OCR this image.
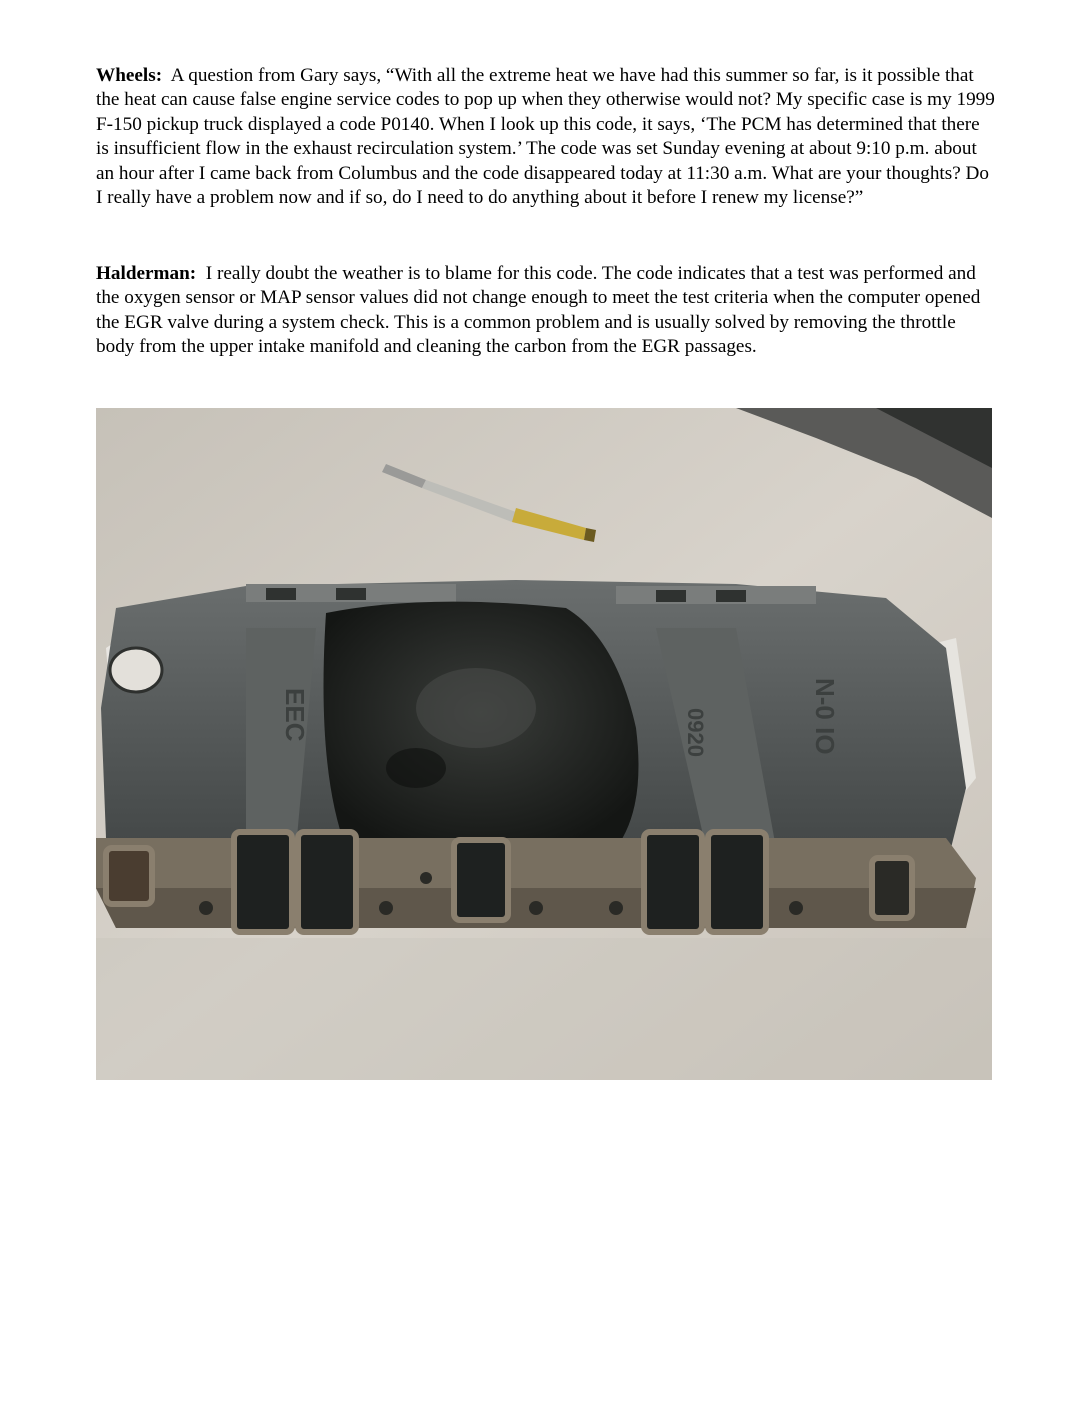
Wheels: A question from Gary says, “With all the extreme heat we have had this summer so far, is it possible that the heat can cause false engine service codes to pop up when they otherwise would not? My specific case is my 1999 F-150 pickup truck displayed a code P0140. When I look up this code, it says, ‘The PCM has determined that there is insufficient flow in the exhaust recirculation system.’ The code was set Sunday evening at about 9:10 p.m. about an hour after I came back from Columbus and the code disappeared today at 11:30 a.m. What are your thoughts? Do I really have a problem now and if so, do I need to do anything about it before I renew my license?”

Halderman: I really doubt the weather is to blame for this code. The code indicates that a test was performed and the oxygen sensor or MAP sensor values did not change enough to meet the test criteria when the computer opened the EGR valve during a system check. This is a common problem and is usually solved by removing the throttle body from the upper intake manifold and cleaning the carbon from the EGR passages.

EEC	0920	N-0 IO
